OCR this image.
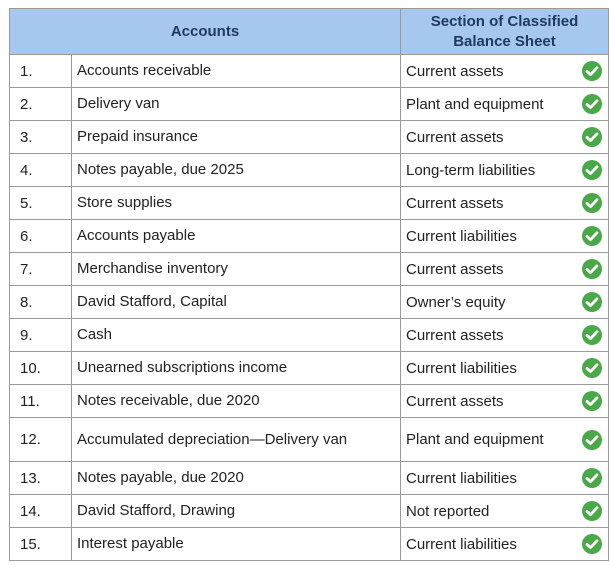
Accounts		Section of Classified Balance Sheet
1.	Accounts receivable	Current assets

2.	Delivery van	Plant and equipment

3.	Prepaid insurance	Current assets

4.	Notes payable, due 2025	Long-term liabilities

5.	Store supplies	Current assets

6.	Accounts payable	Current liabilities

7.	Merchandise inventory	Current assets

8.	David Stafford, Capital	Owner’s equity

9.	Cash	Current assets

10.	Unearned subscriptions income	Current liabilities

11.	Notes receivable, due 2020	Current assets

12.	Accumulated depreciation—Delivery van	Plant and equipment

13.	Notes payable, due 2020	Current liabilities

14.	David Stafford, Drawing	Not reported

15.	Interest payable	Current liabilities
